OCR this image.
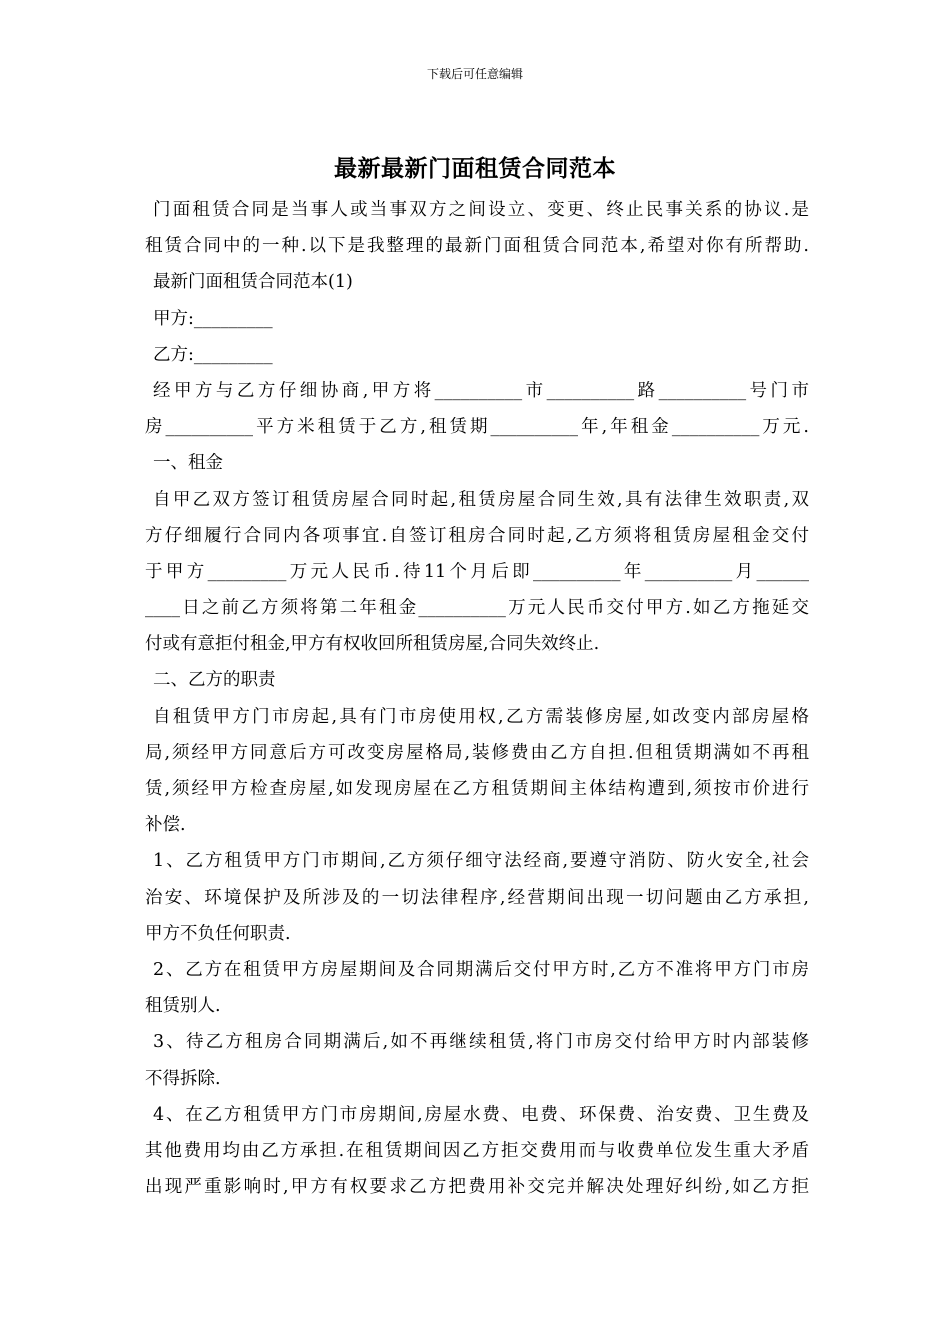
下载后可任意编辑
最新最新门面租赁合同范本
门面租赁合同是当事人或当事双方之间设立、变更、终止民事关系的协议.是
租赁合同中的一种.以下是我整理的最新门面租赁合同范本,希望对你有所帮助.
最新门面租赁合同范本(1)
甲方:_________
乙方:_________
经甲方与乙方仔细协商,甲方将__________市__________路__________号门市
房__________平方米租赁于乙方,租赁期__________年,年租金__________万元.
一、租金
自甲乙双方签订租赁房屋合同时起,租赁房屋合同生效,具有法律生效职责,双
方仔细履行合同内各项事宜.自签订租房合同时起,乙方须将租赁房屋租金交付
于甲方_________万元人民币.待11个月后即__________年__________月______
____日之前乙方须将第二年租金__________万元人民币交付甲方.如乙方拖延交
付或有意拒付租金,甲方有权收回所租赁房屋,合同失效终止.
二、乙方的职责
自租赁甲方门市房起,具有门市房使用权,乙方需装修房屋,如改变内部房屋格
局,须经甲方同意后方可改变房屋格局,装修费由乙方自担.但租赁期满如不再租
赁,须经甲方检查房屋,如发现房屋在乙方租赁期间主体结构遭到,须按市价进行
补偿.
1、乙方租赁甲方门市期间,乙方须仔细守法经商,要遵守消防、防火安全,社会
治安、环境保护及所涉及的一切法律程序,经营期间出现一切问题由乙方承担,
甲方不负任何职责.
2、乙方在租赁甲方房屋期间及合同期满后交付甲方时,乙方不准将甲方门市房
租赁别人.
3、待乙方租房合同期满后,如不再继续租赁,将门市房交付给甲方时内部装修
不得拆除.
4、在乙方租赁甲方门市房期间,房屋水费、电费、环保费、治安费、卫生费及
其他费用均由乙方承担.在租赁期间因乙方拒交费用而与收费单位发生重大矛盾
出现严重影响时,甲方有权要求乙方把费用补交完并解决处理好纠纷,如乙方拒
